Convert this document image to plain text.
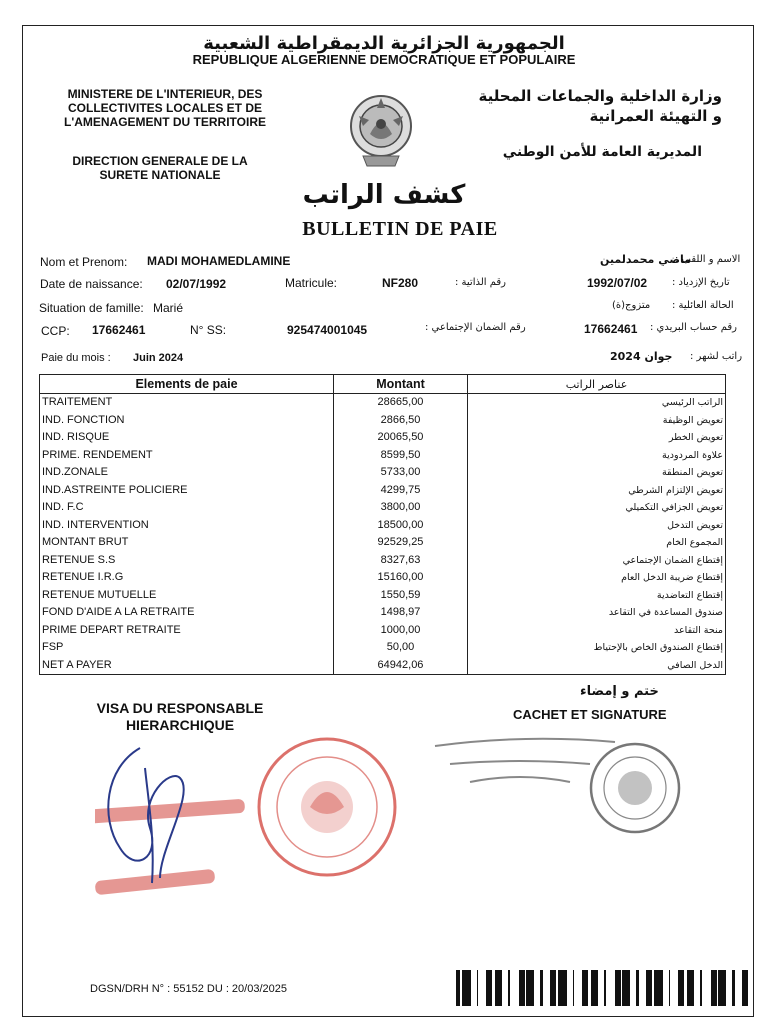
الجمهورية الجزائرية الديمقراطية الشعبية
REPUBLIQUE ALGERIENNE DEMOCRATIQUE ET POPULAIRE
MINISTERE DE L'INTERIEUR, DES COLLECTIVITES LOCALES ET DE L'AMENAGEMENT DU TERRITOIRE
DIRECTION GENERALE DE LA SURETE NATIONALE
وزارة الداخلية والجماعات المحلية و التهيئة العمرانية
المديرية العامة للأمن الوطني
كشف الراتب
BULLETIN DE PAIE
Nom et Prenom: MADI MOHAMEDLAMINE	ماضي محمدلمين
الاسم و اللقب :
Date de naissance: 02/07/1992	Matricule:	NF280	رقم الذاتية :	1992/07/02 تاريخ الإزدياد :
Situation de famille: Marié	متزوج(ة) الحالة العائلية :
CCP: 17662461	N° SS:	925474001045	رقم الضمان الإجتماعي :	17662461 رقم حساب البريدي :
Paie du mois : Juin 2024	جوان 2024 راتب لشهر :
Elements de paie	Montant	عناصر الراتب
TRAITEMENT	28665,00	الراتب الرئيسي
IND. FONCTION	2866,50	تعويض الوظيفة
IND. RISQUE	20065,50	تعويض الخطر
PRIME. RENDEMENT	8599,50	علاوة المردودية
IND.ZONALE	5733,00	تعويض المنطقة
IND.ASTREINTE POLICIERE	4299,75	تعويض الإلتزام الشرطي
IND. F.C	3800,00	تعويض الجزافي التكميلي
IND. INTERVENTION	18500,00	تعويض التدخل
MONTANT BRUT	92529,25	المجموع الخام
RETENUE S.S	8327,63	إقتطاع الضمان الإجتماعي
RETENUE I.R.G	15160,00	إقتطاع ضريبة الدخل العام
RETENUE MUTUELLE	1550,59	إقتطاع التعاضدية
FOND D'AIDE A LA RETRAITE	1498,97	صندوق المساعدة في التقاعد
PRIME DEPART RETRAITE	1000,00	منحة التقاعد
FSP	50,00	إقتطاع الصندوق الخاص بالإحتياط
NET A PAYER	64942,06	الدخل الصافي
VISA DU RESPONSABLE HIERARCHIQUE
ختم و إمضاء
CACHET ET SIGNATURE
DGSN/DRH N° : 55152 DU : 20/03/2025
